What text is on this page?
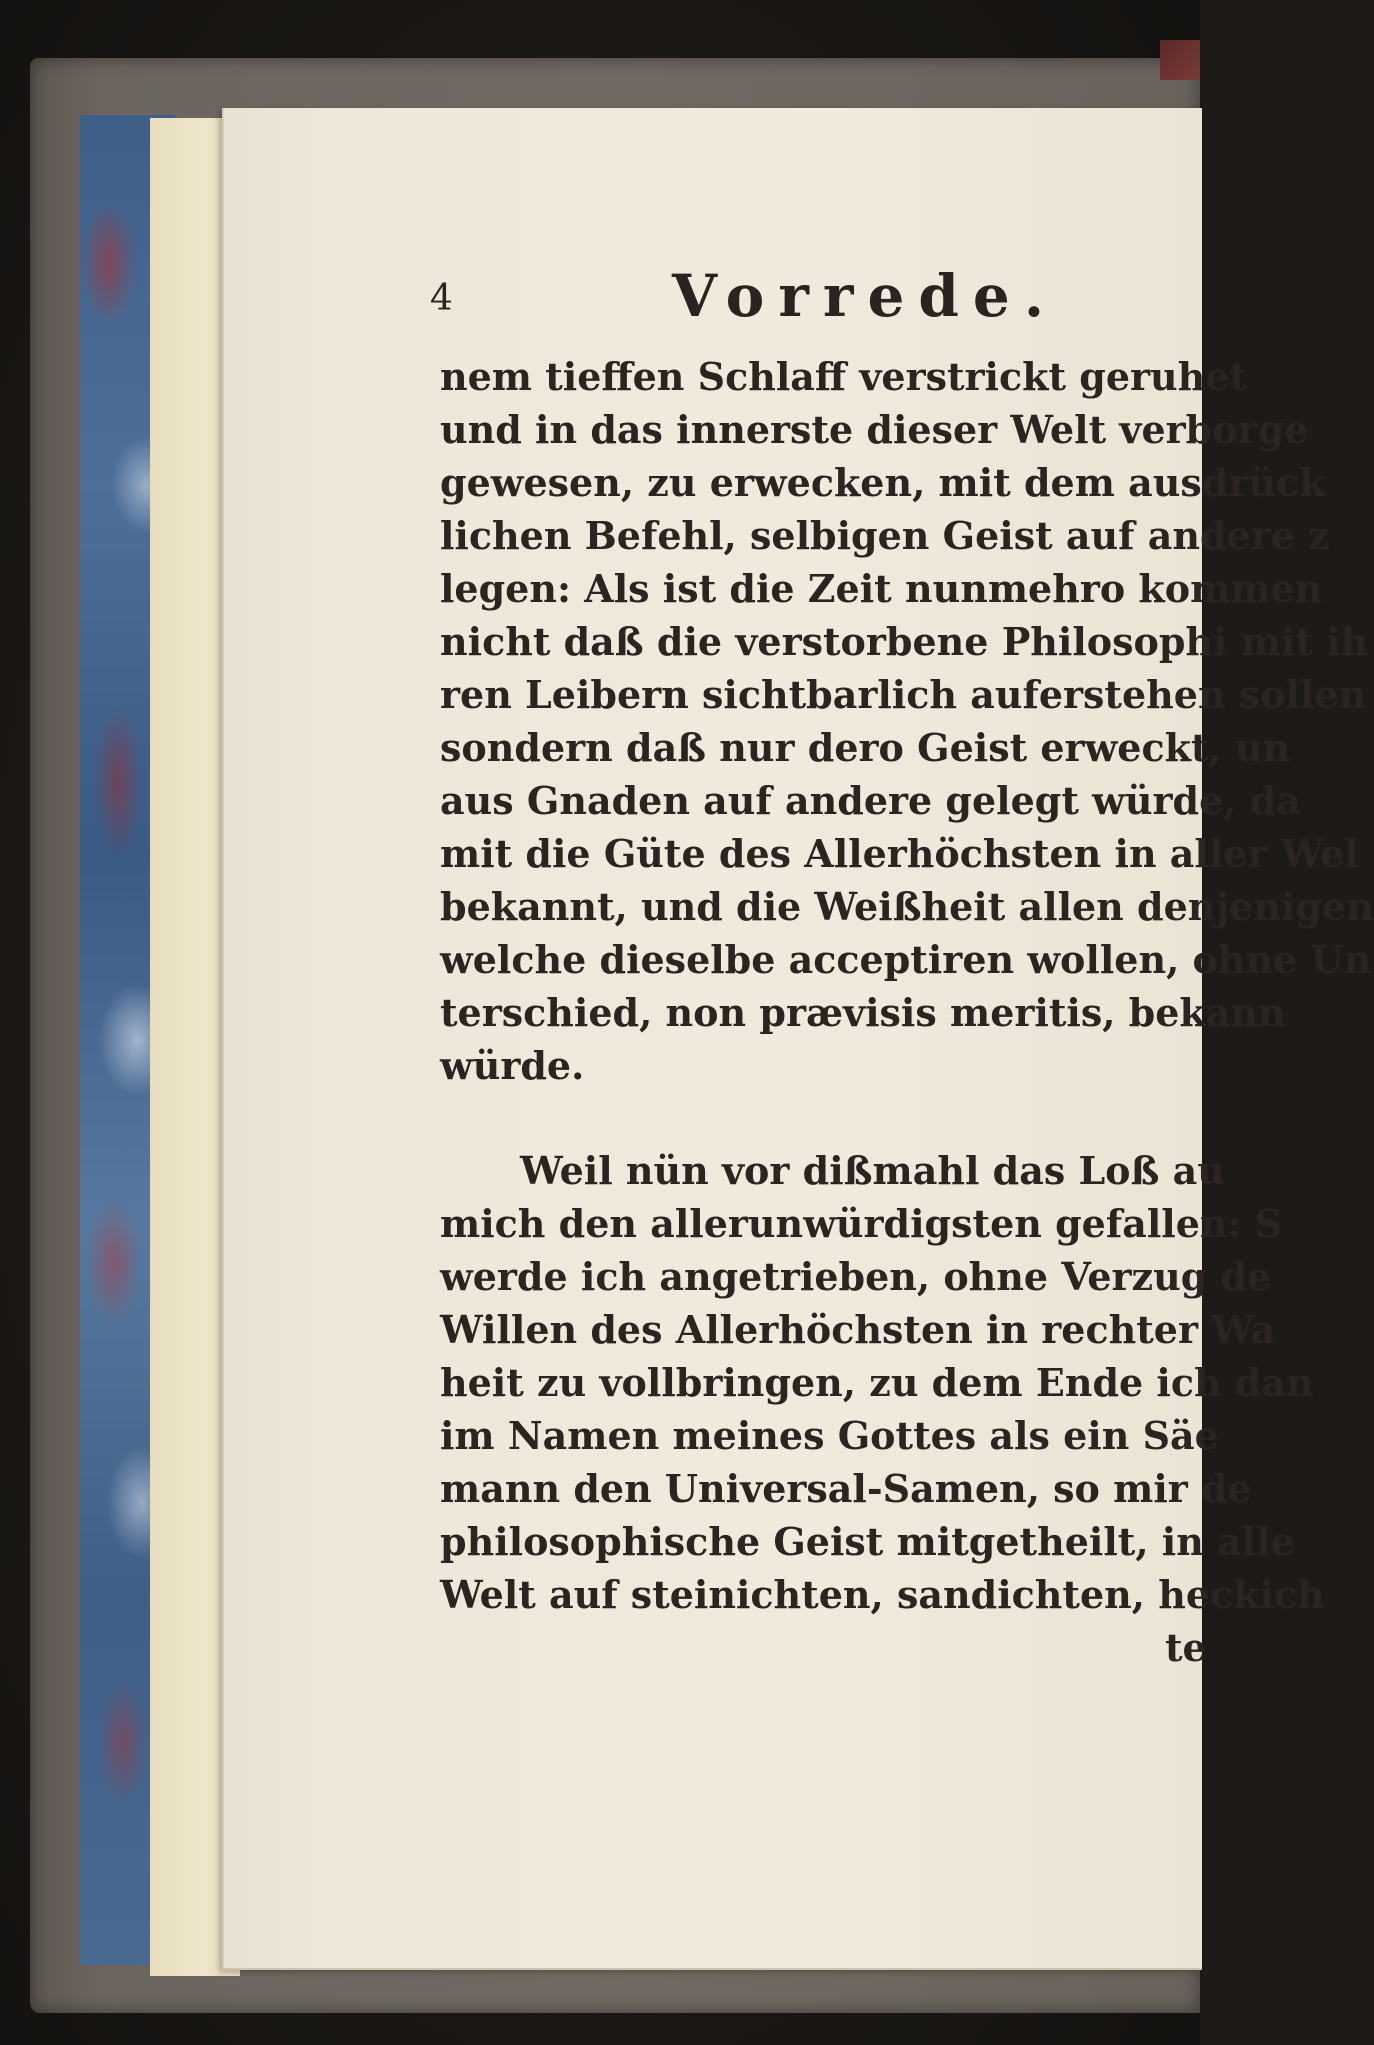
4	Vorrede.
nem tieffen Schlaff verstrickt geruhet
und in das innerste dieser Welt verborge
gewesen, zu erwecken, mit dem ausdrück
lichen Befehl, selbigen Geist auf andere z
legen: Als ist die Zeit nunmehro kommen
nicht daß die verstorbene Philosophi mit ih
ren Leibern sichtbarlich auferstehen sollen
sondern daß nur dero Geist erweckt, un
aus Gnaden auf andere gelegt würde, da
mit die Güte des Allerhöchsten in aller Wel
bekannt, und die Weißheit allen denjenigen
welche dieselbe acceptiren wollen, ohne Un
terschied, non prævisis meritis, bekann
würde.
Weil nün vor dißmahl das Loß au
mich den allerunwürdigsten gefallen: S
werde ich angetrieben, ohne Verzug de
Willen des Allerhöchsten in rechter Wa
heit zu vollbringen, zu dem Ende ich dan
im Namen meines Gottes als ein Säe
mann den Universal-Samen, so mir de
philosophische Geist mitgetheilt, in alle
Welt auf steinichten, sandichten, heckich
te
